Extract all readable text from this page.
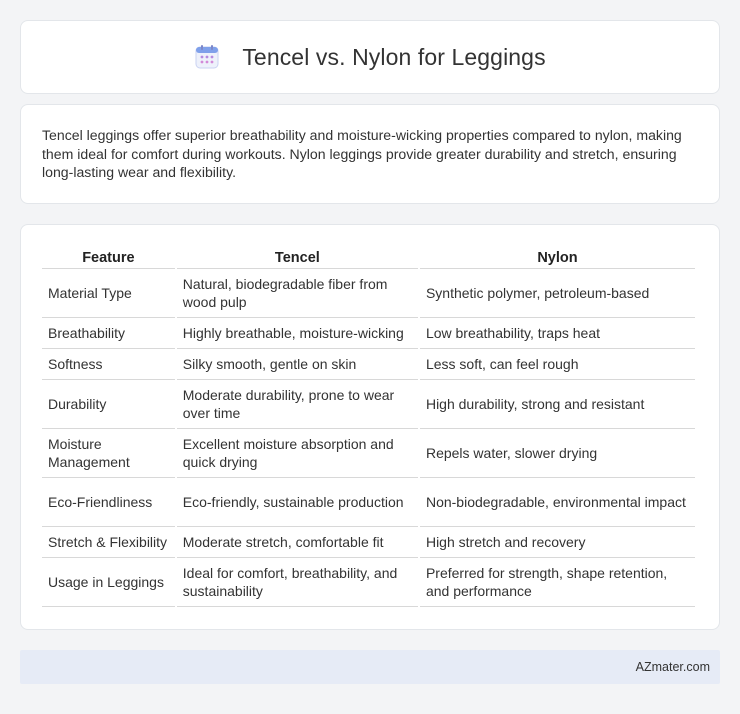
Tencel vs. Nylon for Leggings

Tencel leggings offer superior breathability and moisture-wicking properties compared to nylon, making them ideal for comfort during workouts. Nylon leggings provide greater durability and stretch, ensuring long-lasting wear and flexibility.

Feature	Tencel	Nylon
Material Type	Natural, biodegradable fiber from wood pulp	Synthetic polymer, petroleum-based
Breathability	Highly breathable, moisture-wicking	Low breathability, traps heat
Softness	Silky smooth, gentle on skin	Less soft, can feel rough
Durability	Moderate durability, prone to wear over time	High durability, strong and resistant
Moisture Management	Excellent moisture absorption and quick drying	Repels water, slower drying
Eco-Friendliness	Eco-friendly, sustainable production	Non-biodegradable, environmental impact
Stretch & Flexibility	Moderate stretch, comfortable fit	High stretch and recovery
Usage in Leggings	Ideal for comfort, breathability, and sustainability	Preferred for strength, shape retention, and performance
AZmater.com
